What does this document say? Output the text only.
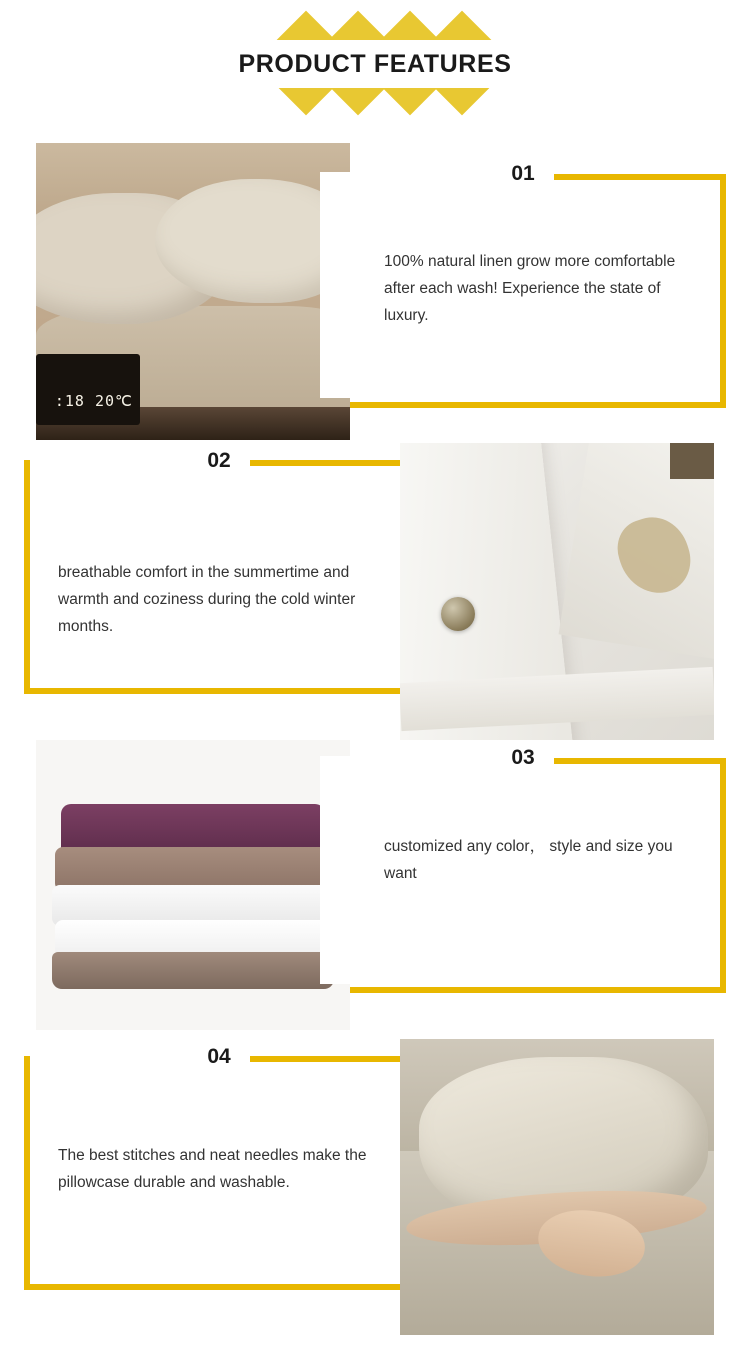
PRODUCT FEATURES
:18 20℃
01
100% natural linen grow more comfortable after each wash! Experience the state of luxury.
02
breathable comfort in the summertime and warmth and coziness during the cold winter months.
03
customized any color， style and size you want
04
The best stitches and neat needles make the pillowcase durable and washable.
